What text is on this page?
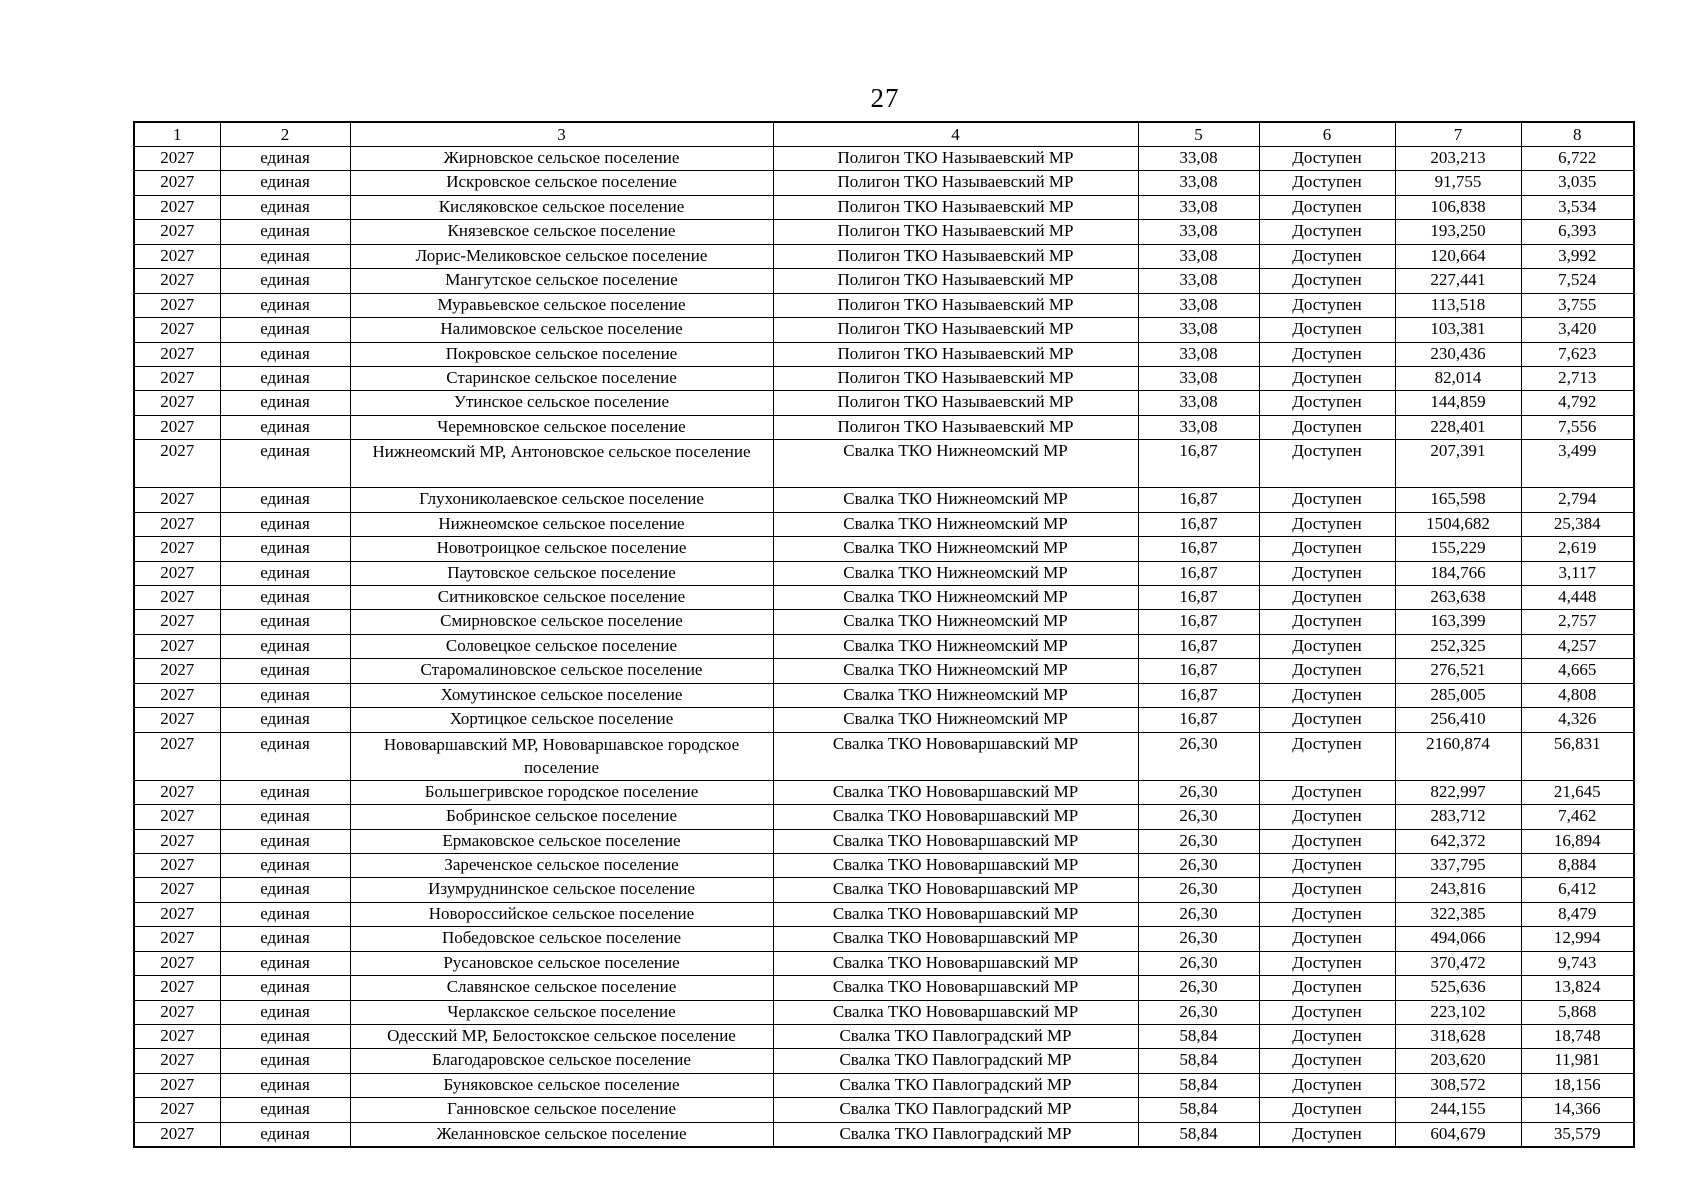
27
1	2	3	4	5	6	7	8
2027	единая	Жирновское сельское поселение	Полигон ТКО Называевский МР	33,08	Доступен	203,213	6,722
2027	единая	Искровское сельское поселение	Полигон ТКО Называевский МР	33,08	Доступен	91,755	3,035
2027	единая	Кисляковское сельское поселение	Полигон ТКО Называевский МР	33,08	Доступен	106,838	3,534
2027	единая	Князевское сельское поселение	Полигон ТКО Называевский МР	33,08	Доступен	193,250	6,393
2027	единая	Лорис-Меликовское сельское поселение	Полигон ТКО Называевский МР	33,08	Доступен	120,664	3,992
2027	единая	Мангутское сельское поселение	Полигон ТКО Называевский МР	33,08	Доступен	227,441	7,524
2027	единая	Муравьевское сельское поселение	Полигон ТКО Называевский МР	33,08	Доступен	113,518	3,755
2027	единая	Налимовское сельское поселение	Полигон ТКО Называевский МР	33,08	Доступен	103,381	3,420
2027	единая	Покровское сельское поселение	Полигон ТКО Называевский МР	33,08	Доступен	230,436	7,623
2027	единая	Старинское сельское поселение	Полигон ТКО Называевский МР	33,08	Доступен	82,014	2,713
2027	единая	Утинское сельское поселение	Полигон ТКО Называевский МР	33,08	Доступен	144,859	4,792
2027	единая	Черемновское сельское поселение	Полигон ТКО Называевский МР	33,08	Доступен	228,401	7,556
2027	единая	Нижнеомский МР, Антоновское сельское поселение	Свалка ТКО Нижнеомский МР	16,87	Доступен	207,391	3,499
2027	единая	Глухониколаевское сельское поселение	Свалка ТКО Нижнеомский МР	16,87	Доступен	165,598	2,794
2027	единая	Нижнеомское сельское поселение	Свалка ТКО Нижнеомский МР	16,87	Доступен	1504,682	25,384
2027	единая	Новотроицкое сельское поселение	Свалка ТКО Нижнеомский МР	16,87	Доступен	155,229	2,619
2027	единая	Паутовское сельское поселение	Свалка ТКО Нижнеомский МР	16,87	Доступен	184,766	3,117
2027	единая	Ситниковское сельское поселение	Свалка ТКО Нижнеомский МР	16,87	Доступен	263,638	4,448
2027	единая	Смирновское сельское поселение	Свалка ТКО Нижнеомский МР	16,87	Доступен	163,399	2,757
2027	единая	Соловецкое сельское поселение	Свалка ТКО Нижнеомский МР	16,87	Доступен	252,325	4,257
2027	единая	Старомалиновское сельское поселение	Свалка ТКО Нижнеомский МР	16,87	Доступен	276,521	4,665
2027	единая	Хомутинское сельское поселение	Свалка ТКО Нижнеомский МР	16,87	Доступен	285,005	4,808
2027	единая	Хортицкое сельское поселение	Свалка ТКО Нижнеомский МР	16,87	Доступен	256,410	4,326
2027	единая	Нововаршавский МР, Нововаршавское городское поселение	Свалка ТКО Нововаршавский МР	26,30	Доступен	2160,874	56,831
2027	единая	Большегривское городское поселение	Свалка ТКО Нововаршавский МР	26,30	Доступен	822,997	21,645
2027	единая	Бобринское сельское поселение	Свалка ТКО Нововаршавский МР	26,30	Доступен	283,712	7,462
2027	единая	Ермаковское сельское поселение	Свалка ТКО Нововаршавский МР	26,30	Доступен	642,372	16,894
2027	единая	Зареченское сельское поселение	Свалка ТКО Нововаршавский МР	26,30	Доступен	337,795	8,884
2027	единая	Изумруднинское сельское поселение	Свалка ТКО Нововаршавский МР	26,30	Доступен	243,816	6,412
2027	единая	Новороссийское сельское поселение	Свалка ТКО Нововаршавский МР	26,30	Доступен	322,385	8,479
2027	единая	Победовское сельское поселение	Свалка ТКО Нововаршавский МР	26,30	Доступен	494,066	12,994
2027	единая	Русановское сельское поселение	Свалка ТКО Нововаршавский МР	26,30	Доступен	370,472	9,743
2027	единая	Славянское сельское поселение	Свалка ТКО Нововаршавский МР	26,30	Доступен	525,636	13,824
2027	единая	Черлакское сельское поселение	Свалка ТКО Нововаршавский МР	26,30	Доступен	223,102	5,868
2027	единая	Одесский МР, Белостокское сельское поселение	Свалка ТКО Павлоградский МР	58,84	Доступен	318,628	18,748
2027	единая	Благодаровское сельское поселение	Свалка ТКО Павлоградский МР	58,84	Доступен	203,620	11,981
2027	единая	Буняковское сельское поселение	Свалка ТКО Павлоградский МР	58,84	Доступен	308,572	18,156
2027	единая	Ганновское сельское поселение	Свалка ТКО Павлоградский МР	58,84	Доступен	244,155	14,366
2027	единая	Желанновское сельское поселение	Свалка ТКО Павлоградский МР	58,84	Доступен	604,679	35,579
